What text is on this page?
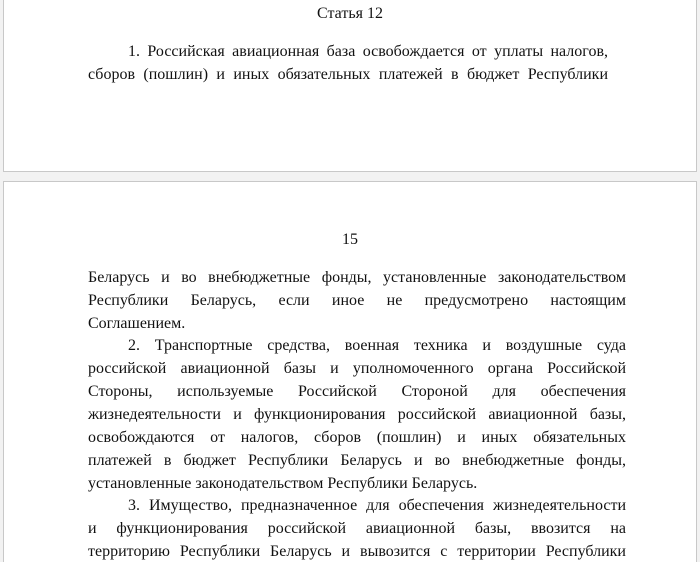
Статья 12
1. Российская авиационная база освобождается от уплаты налогов,
сборов (пошлин) и иных обязательных платежей в бюджет Республики
15
Беларусь и во внебюджетные фонды, установленные законодательством
Республики Беларусь, если иное не предусмотрено настоящим
Соглашением.
2. Транспортные средства, военная техника и воздушные суда
российской авиационной базы и уполномоченного органа Российской
Стороны, используемые Российской Стороной для обеспечения
жизнедеятельности и функционирования российской авиационной базы,
освобождаются от налогов, сборов (пошлин) и иных обязательных
платежей в бюджет Республики Беларусь и во внебюджетные фонды,
установленные законодательством Республики Беларусь.
3. Имущество, предназначенное для обеспечения жизнедеятельности
и функционирования российской авиационной базы, ввозится на
территорию Республики Беларусь и вывозится с территории Республики
